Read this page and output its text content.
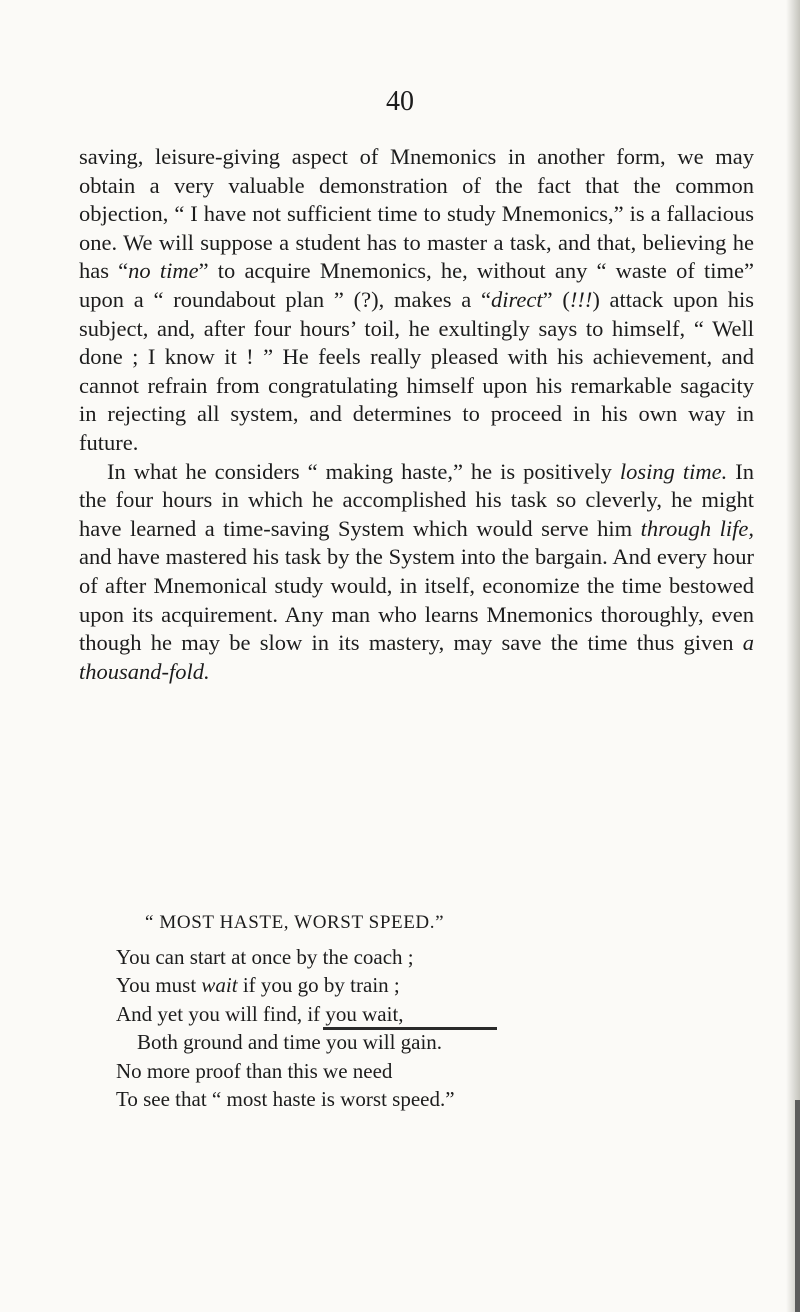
40

saving, leisure-giving aspect of Mnemonics in another form, we may obtain a very valuable demonstration of the fact that the common objection, “ I have not sufficient time to study Mnemonics,” is a fallacious one. We will suppose a student has to master a task, and that, believing he has “no time” to acquire Mnemonics, he, without any “ waste of time” upon a “ roundabout plan ” (?), makes a “direct” (!!!) attack upon his subject, and, after four hours’ toil, he exultingly says to himself, “ Well done ; I know it ! ” He feels really pleased with his achievement, and cannot refrain from congratulating himself upon his remarkable sagacity in rejecting all system, and determines to proceed in his own way in future.

In what he considers “ making haste,” he is positively losing time. In the four hours in which he accomplished his task so cleverly, he might have learned a time-saving System which would serve him through life, and have mastered his task by the System into the bargain. And every hour of after Mnemonical study would, in itself, economize the time bestowed upon its acquirement. Any man who learns Mnemonics thoroughly, even though he may be slow in its mastery, may save the time thus given a thousand-fold.

“ MOST HASTE, WORST SPEED.”

You can start at once by the coach ;

You must wait if you go by train ;

And yet you will find, if you wait,

Both ground and time you will gain.

No more proof than this we need

To see that “ most haste is worst speed.”
